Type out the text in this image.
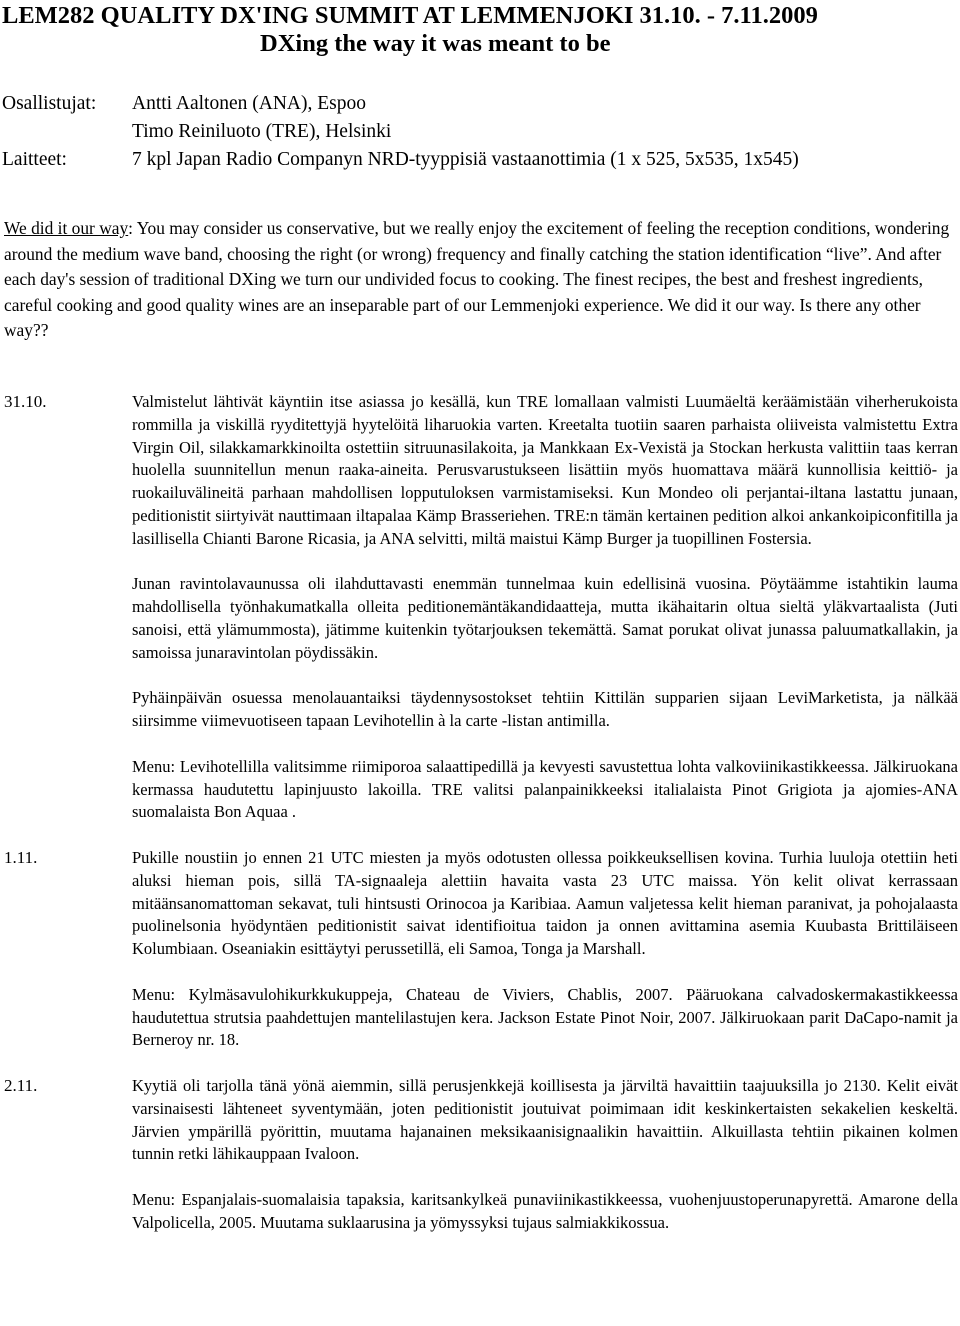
LEM282 QUALITY DX'ING SUMMIT AT LEMMENJOKI 31.10. - 7.11.2009
DXing the way it was meant to be
Osallistujat:	Antti Aaltonen (ANA), Espoo
Timo Reiniluoto (TRE), Helsinki
Laitteet:	7 kpl Japan Radio Companyn NRD-tyyppisiä vastaanottimia (1 x 525, 5x535, 1x545)
We did it our way: You may consider us conservative, but we really enjoy the excitement of feeling the reception conditions, wondering around the medium wave band, choosing the right (or wrong) frequency and finally catching the station identification “live”. And after each day's session of traditional DXing we turn our undivided focus to cooking. The finest recipes, the best and freshest ingredients, careful cooking and good quality wines are an inseparable part of our Lemmenjoki experience. We did it our way. Is there any other way??
31.10.	Valmistelut lähtivät käyntiin itse asiassa jo kesällä, kun TRE lomallaan valmisti Luumäeltä keräämistään viherherukoista rommilla ja viskillä ryyditettyjä hyytelöitä liharuokia varten. Kreetalta tuotiin saaren parhaista oliiveista valmistettu Extra Virgin Oil, silakkamarkkinoilta ostettiin sitruunasilakoita, ja Mankkaan Ex-Vexistä ja Stockan herkusta valittiin taas kerran huolella suunnitellun menun raaka-aineita. Perusvarustukseen lisättiin myös huomattava määrä kunnollisia keittiö- ja ruokailuvälineitä parhaan mahdollisen lopputuloksen varmistamiseksi. Kun Mondeo oli perjantai-iltana lastattu junaan, peditionistit siirtyivät nauttimaan iltapalaa Kämp Brasseriehen. TRE:n tämän kertainen pedition alkoi ankankoipiconfitilla ja lasillisella Chianti Barone Ricasia, ja ANA selvitti, miltä maistui Kämp Burger ja tuopillinen Fostersia.

Junan ravintolavaunussa oli ilahduttavasti enemmän tunnelmaa kuin edellisinä vuosina. Pöytäämme istahtikin lauma mahdollisella työnhakumatkalla olleita peditionemäntäkandidaatteja, mutta ikähaitarin oltua sieltä yläkvartaalista (Juti sanoisi, että ylämummosta), jätimme kuitenkin työtarjouksen tekemättä. Samat porukat olivat junassa paluumatkallakin, ja samoissa junaravintolan pöydissäkin.

Pyhäinpäivän osuessa menolauantaiksi täydennysostokset tehtiin Kittilän supparien sijaan LeviMarketista, ja nälkää siirsimme viimevuotiseen tapaan Levihotellin à la carte -listan antimilla.

Menu: Levihotellilla valitsimme riimiporoa salaattipedillä ja kevyesti savustettua lohta valkoviinikastikkeessa. Jälkiruokana kermassa haudutettu lapinjuusto lakoilla. TRE valitsi palanpainikkeeksi italialaista Pinot Grigiota ja ajomies-ANA suomalaista Bon Aquaa .

1.11.	Pukille noustiin jo ennen 21 UTC miesten ja myös odotusten ollessa poikkeuksellisen kovina. Turhia luuloja otettiin heti aluksi hieman pois, sillä TA-signaaleja alettiin havaita vasta 23 UTC maissa. Yön kelit olivat kerrassaan mitäänsanomattoman sekavat, tuli hintsusti Orinocoa ja Karibiaa. Aamun valjetessa kelit hieman paranivat, ja pohojalaasta puolinelsonia hyödyntäen peditionistit saivat identifioitua taidon ja onnen avittamina asemia Kuubasta Brittiläiseen Kolumbiaan. Oseaniakin esittäytyi perussetillä, eli Samoa, Tonga ja Marshall.

Menu: Kylmäsavulohikurkkukuppeja, Chateau de Viviers, Chablis, 2007. Pääruokana calvadoskermakastikkeessa haudutettua strutsia paahdettujen mantelilastujen kera. Jackson Estate Pinot Noir, 2007. Jälkiruokaan parit DaCapo-namit ja Berneroy nr. 18.

2.11.	Kyytiä oli tarjolla tänä yönä aiemmin, sillä perusjenkkejä koillisesta ja järviltä havaittiin taajuuksilla jo 2130. Kelit eivät varsinaisesti lähteneet syventymään, joten peditionistit joutuivat poimimaan idit keskinkertaisten sekakelien keskeltä. Järvien ympärillä pyörittin, muutama hajanainen meksikaanisignaalikin havaittiin. Alkuillasta tehtiin pikainen kolmen tunnin retki lähikauppaan Ivaloon.

Menu: Espanjalais-suomalaisia tapaksia, karitsankylkeä punaviinikastikkeessa, vuohenjuustoperunapyrettä. Amarone della Valpolicella, 2005. Muutama suklaarusina ja yömyssyksi tujaus salmiakkikossua.
